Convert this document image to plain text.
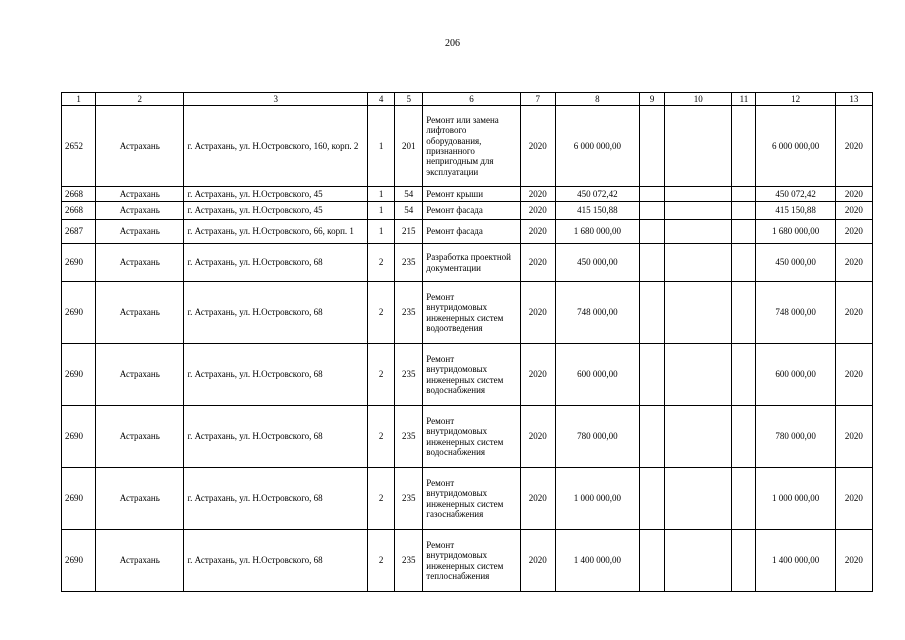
206
1	2	3	4	5	6	7	8	9	10	11	12	13
2652	Астрахань	г. Астрахань, ул. Н.Островского, 160, корп. 2	1	201	Ремонт или замена лифтового оборудования, признанного непригодным для эксплуатации	2020	6 000 000,00				6 000 000,00	2020
2668	Астрахань	г. Астрахань, ул. Н.Островского, 45	1	54	Ремонт крыши	2020	450 072,42				450 072,42	2020
2668	Астрахань	г. Астрахань, ул. Н.Островского, 45	1	54	Ремонт фасада	2020	415 150,88				415 150,88	2020
2687	Астрахань	г. Астрахань, ул. Н.Островского, 66, корп. 1	1	215	Ремонт фасада	2020	1 680 000,00				1 680 000,00	2020
2690	Астрахань	г. Астрахань, ул. Н.Островского, 68	2	235	Разработка проектной документации	2020	450 000,00				450 000,00	2020
2690	Астрахань	г. Астрахань, ул. Н.Островского, 68	2	235	Ремонт внутридомовых инженерных систем водоотведения	2020	748 000,00				748 000,00	2020
2690	Астрахань	г. Астрахань, ул. Н.Островского, 68	2	235	Ремонт внутридомовых инженерных систем водоснабжения	2020	600 000,00				600 000,00	2020
2690	Астрахань	г. Астрахань, ул. Н.Островского, 68	2	235	Ремонт внутридомовых инженерных систем водоснабжения	2020	780 000,00				780 000,00	2020
2690	Астрахань	г. Астрахань, ул. Н.Островского, 68	2	235	Ремонт внутридомовых инженерных систем газоснабжения	2020	1 000 000,00				1 000 000,00	2020
2690	Астрахань	г. Астрахань, ул. Н.Островского, 68	2	235	Ремонт внутридомовых инженерных систем теплоснабжения	2020	1 400 000,00				1 400 000,00	2020
